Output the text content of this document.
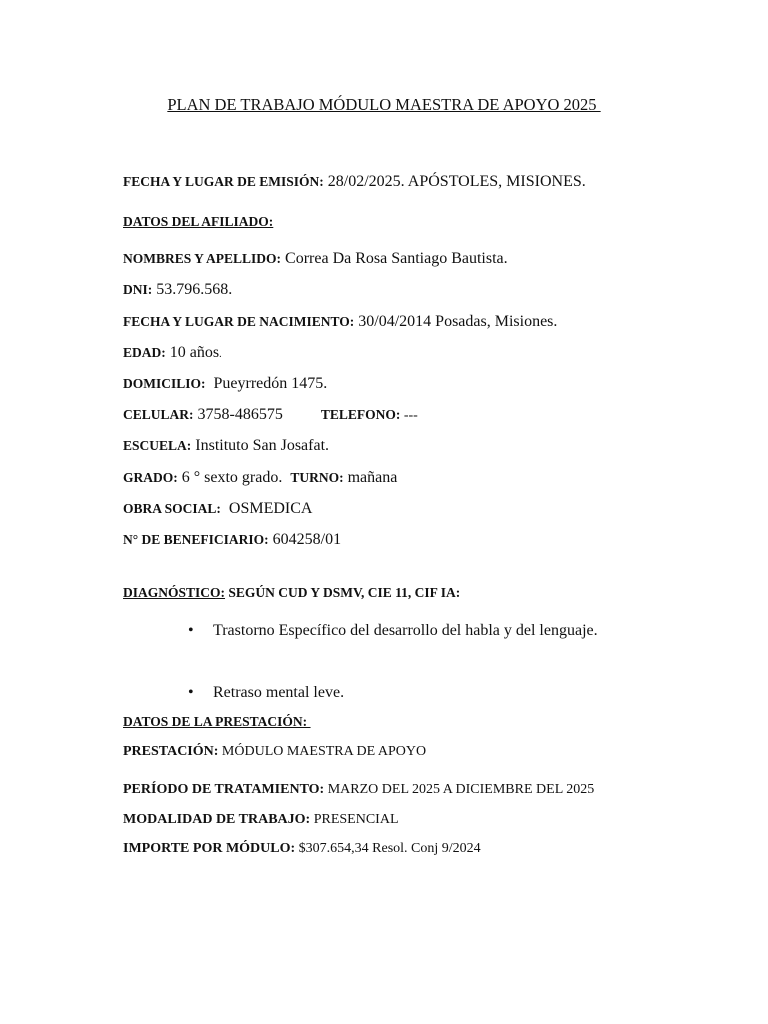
PLAN DE TRABAJO MÓDULO MAESTRA DE APOYO 2025

FECHA Y LUGAR DE EMISIÓN: 28/02/2025. APÓSTOLES, MISIONES.

DATOS DEL AFILIADO:

NOMBRES Y APELLIDO: Correa Da Rosa Santiago Bautista.

DNI: 53.796.568.

FECHA Y LUGAR DE NACIMIENTO: 30/04/2014 Posadas, Misiones.

EDAD: 10 años.

DOMICILIO:  Pueyrredón 1475.

CELULAR: 3758-486575	TELEFONO: ---

ESCUELA: Instituto San Josafat.

GRADO: 6 ° sexto grado.  TURNO: mañana

OBRA SOCIAL:  OSMEDICA

N° DE BENEFICIARIO: 604258/01

DIAGNÓSTICO: SEGÚN CUD Y DSMV, CIE 11, CIF IA:

• Trastorno Específico del desarrollo del habla y del lenguaje.

• Retraso mental leve.

DATOS DE LA PRESTACIÓN:

PRESTACIÓN: MÓDULO MAESTRA DE APOYO

PERÍODO DE TRATAMIENTO: MARZO DEL 2025 A DICIEMBRE DEL 2025

MODALIDAD DE TRABAJO: PRESENCIAL

IMPORTE POR MÓDULO: $307.654,34 Resol. Conj 9/2024
